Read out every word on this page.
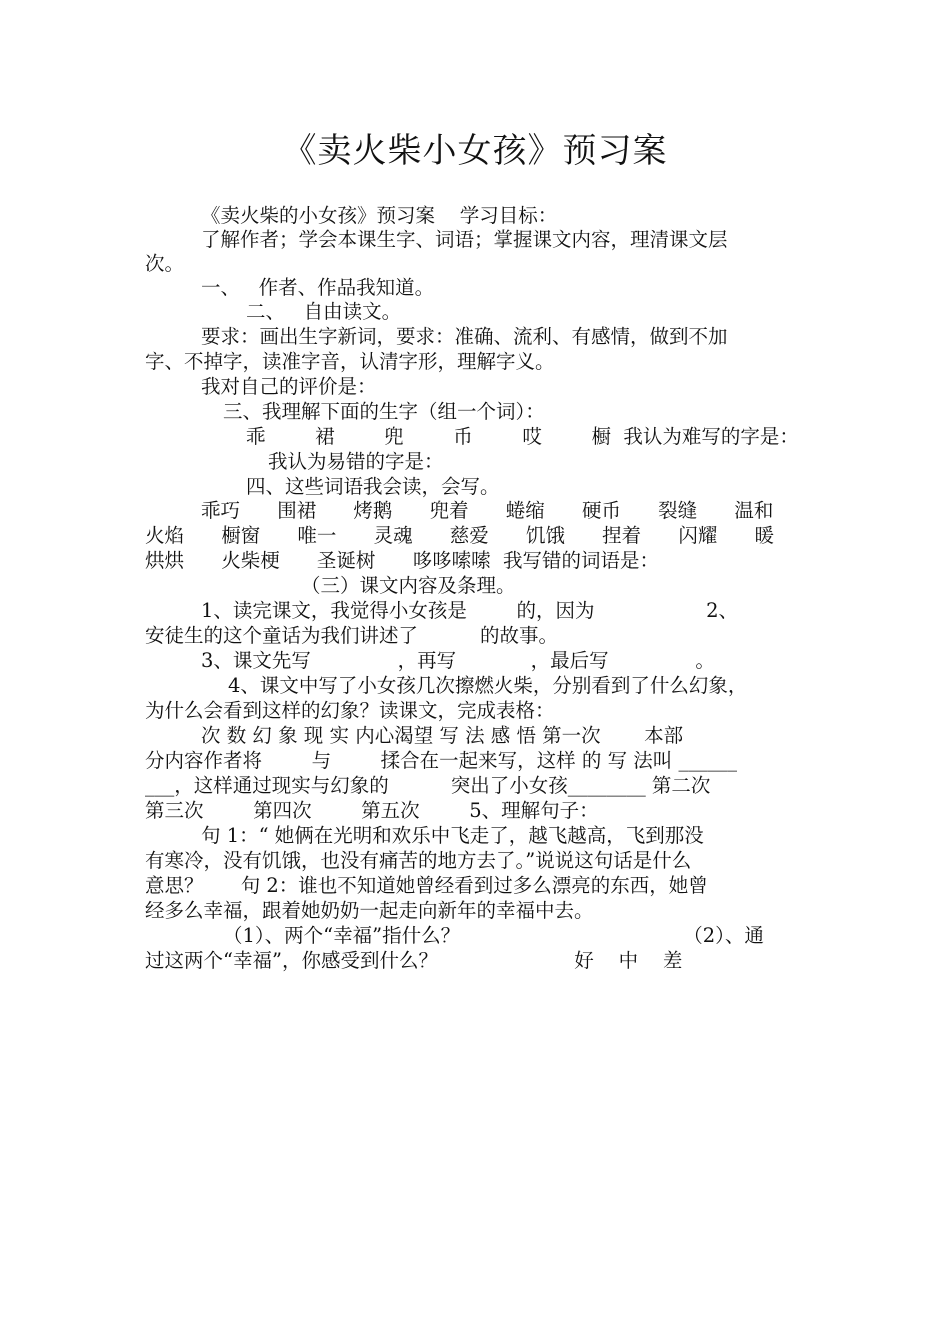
《卖火柴小女孩》预习案
《卖火柴的小女孩》预习案    学习目标：
了解作者；学会本课生字、词语；掌握课文内容，理清课文层
次。
一、   作者、作品我知道。
二、   自由读文。
要求：画出生字新词，要求：准确、流利、有感情，做到不加
字、不掉字，读准字音，认清字形，理解字义。
我对自己的评价是：
三、我理解下面的生字（组一个词）：
乖        裙        兜        币        哎        橱  我认为难写的字是：
我认为易错的字是：
四、这些词语我会读，会写。
乖巧      围裙      烤鹅      兜着      蜷缩      硬币      裂缝      温和
火焰      橱窗      唯一      灵魂      慈爱      饥饿      捏着      闪耀      暖
烘烘      火柴梗      圣诞树      哆哆嗦嗦  我写错的词语是：
（三）课文内容及条理。
1、读完课文，我觉得小女孩是        的，因为                  2、
安徒生的这个童话为我们讲述了          的故事。
3、课文先写              ，再写            ，最后写              。
4、课文中写了小女孩几次擦燃火柴，分别看到了什么幻象，
为什么会看到这样的幻象？读课文，完成表格：
次 数 幻 象 现 实 内心渴望 写 法 感 悟 第一次       本部
分内容作者将        与        揉合在一起来写，这样 的 写 法叫 ______
___，这样通过现实与幻象的          突出了小女孩________ 第二次
第三次        第四次        第五次        5、理解句子：
句 1：“ 她俩在光明和欢乐中飞走了，越飞越高，飞到那没
有寒冷，没有饥饿，也没有痛苦的地方去了。”说说这句话是什么
意思？      句 2：谁也不知道她曾经看到过多么漂亮的东西，她曾
经多么幸福，跟着她奶奶一起走向新年的幸福中去。
（1）、两个“幸福”指什么？                                    （2）、通
过这两个“幸福”，你感受到什么？                      好    中    差
